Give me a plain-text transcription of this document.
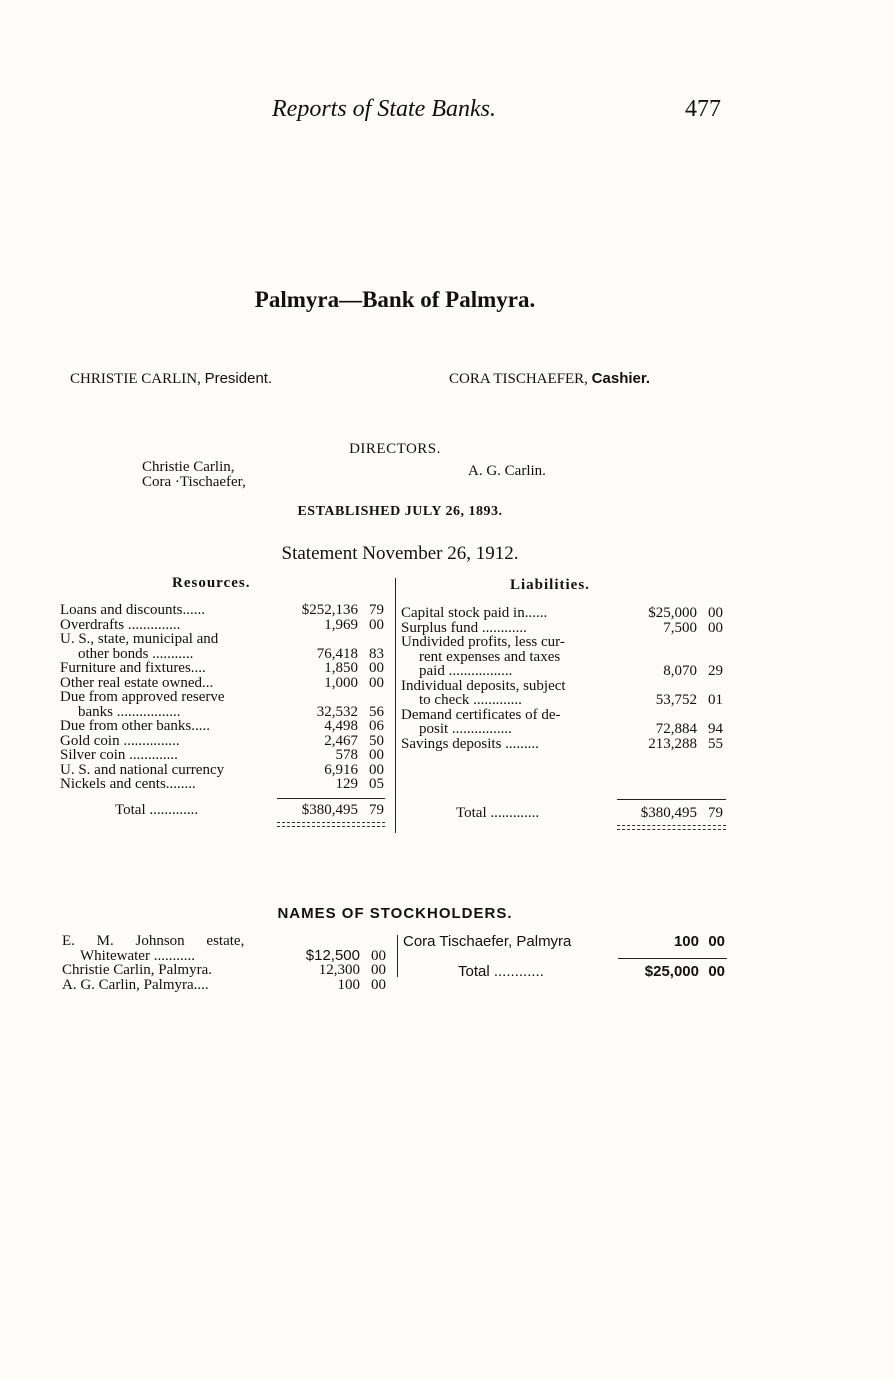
Reports of State Banks.	477
Palmyra—Bank of Palmyra.
CHRISTIE CARLIN, President.	CORA TISCHAEFER, Cashier.
DIRECTORS.
Christie Carlin,
Cora ·Tischaefer,
A. G. Carlin.
ESTABLISHED JULY 26, 1893.
Statement November 26, 1912.
Resources.	Liabilities.
Loans and discounts......	$252,136 79
Overdrafts ..............	1,969 00
U. S., state, municipal and
other bonds ...........	76,418 83
Furniture and fixtures....	1,850 00
Other real estate owned...	1,000 00
Due from approved reserve
banks .................	32,532 56
Due from other banks.....	4,498 06
Gold coin ...............	2,467 50
Silver coin .............	578 00
U. S. and national currency	6,916 00
Nickels and cents........	129 05
Total .............	$380,495 79
Capital stock paid in......	$25,000 00
Surplus fund ............	7,500 00
Undivided profits, less cur-
rent expenses and taxes
paid .................	8,070 29
Individual deposits, subject
to check .............	53,752 01
Demand certificates of de-
posit ................	72,884 94
Savings deposits .........	213,288 55
Total .............	$380,495 79
NAMES OF STOCKHOLDERS.
E. M. Johnson estate,
Whitewater ...........	$12,500 00
Christie Carlin, Palmyra.	12,300 00
A. G. Carlin, Palmyra....	100 00
Cora Tischaefer, Palmyra	100 00
Total ............	$25,000 00
